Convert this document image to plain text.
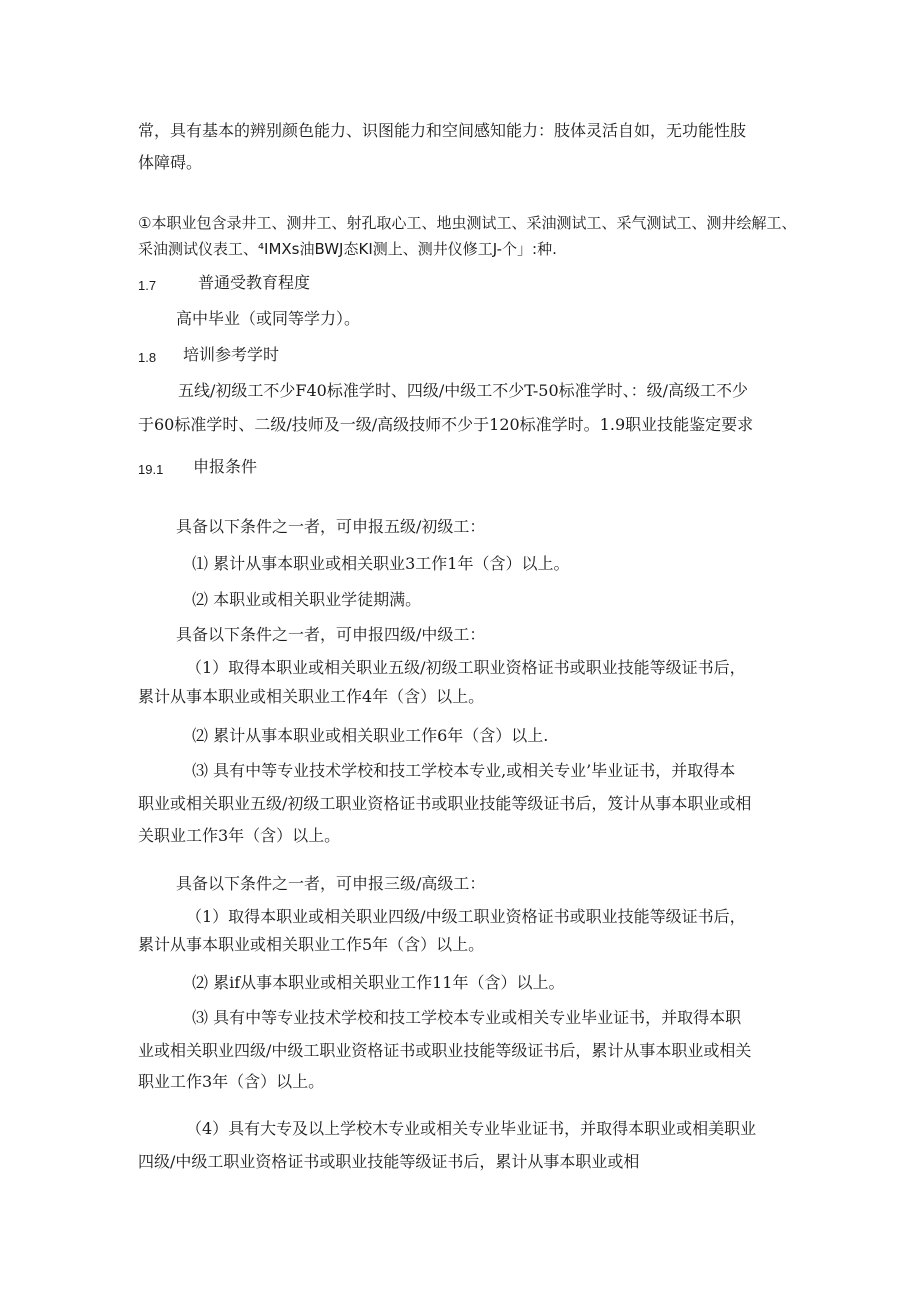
常，具有基本的辨别颜色能力、识图能力和空间感知能力：肢体灵活自如，无功能性肢
体障碍。
①本职业包含录井工、测井工、射孔取心工、地虫测试工、采油测试工、采气测试工、测井绘解工、
采油测试仪表工、⁴IMXs油BWJ态KI测上、测井仪修工J-个」:种.
1.7	普通受教育程度
高中毕业（或同等学力）。
1.8 培训参考学时
五线/初级工不少F40标准学时、四级/中级工不少T-50标准学时、：级/高级工不少
于60标准学时、二级/技师及一级/高级技师不少于120标准学时。1.9职业技能鉴定要求
19.1 申报条件
具备以下条件之一者，可申报五级/初级工：
⑴ 累计从事本职业或相关职业3工作1年（含）以上。
⑵ 本职业或相关职业学徒期满。
具备以下条件之一者，可申报四级/中级工：
（1）取得本职业或相关职业五级/初级工职业资格证书或职业技能等级证书后，
累计从事本职业或相关职业工作4年（含）以上。
⑵ 累计从事本职业或相关职业工作6年（含）以上.
⑶ 具有中等专业技术学校和技工学校本专业,或相关专业’毕业证书，并取得本
职业或相关职业五级/初级工职业资格证书或职业技能等级证书后，笈计从事本职业或相
关职业工作3年（含）以上。
具备以下条件之一者，可申报三级/高级工：
（1）取得本职业或相关职业四级/中级工职业资格证书或职业技能等级证书后，
累计从事本职业或相关职业工作5年（含）以上。
⑵ 累if从事本职业或相关职业工作11年（含）以上。
⑶ 具有中等专业技术学校和技工学校本专业或相关专业毕业证书，并取得本职
业或相关职业四级/中级工职业资格证书或职业技能等级证书后，累计从事本职业或相关
职业工作3年（含）以上。
（4）具有大专及以上学校木专业或相关专业毕业证书，并取得本职业或相美职业
四级/中级工职业资格证书或职业技能等级证书后，累计从事本职业或相
